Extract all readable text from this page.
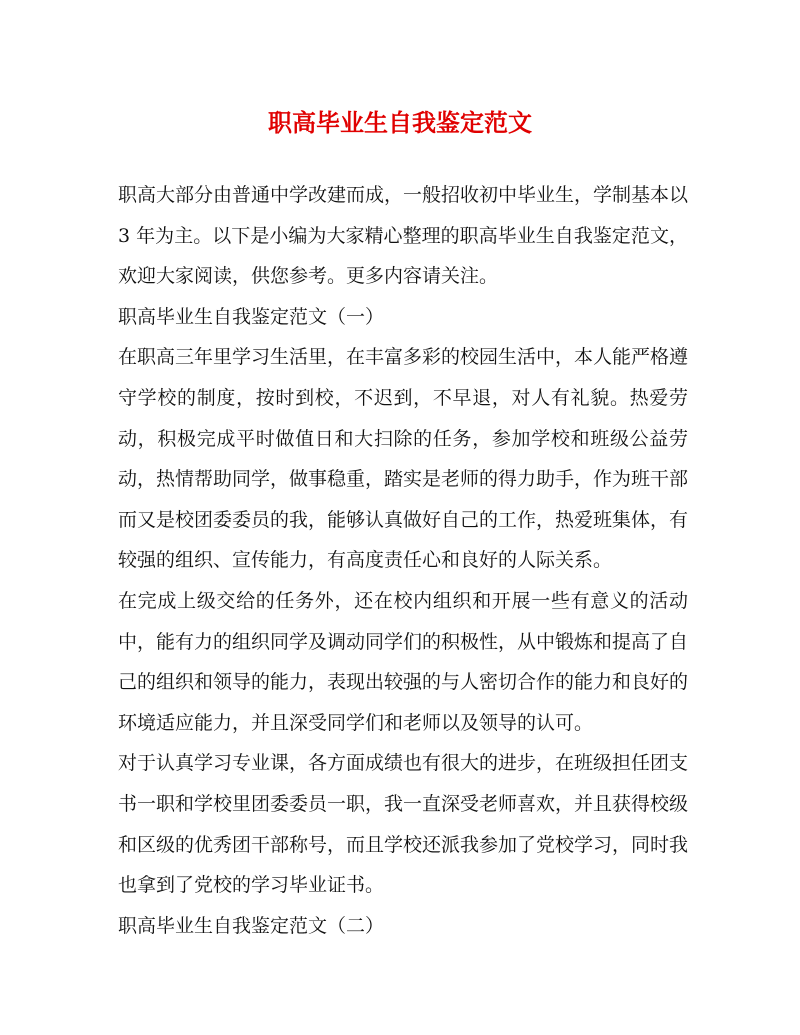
职高毕业生自我鉴定范文

职高大部分由普通中学改建而成，一般招收初中毕业生，学制基本以 3 年为主。以下是小编为大家精心整理的职高毕业生自我鉴定范文，欢迎大家阅读，供您参考。更多内容请关注。

职高毕业生自我鉴定范文（一）

在职高三年里学习生活里，在丰富多彩的校园生活中，本人能严格遵守学校的制度，按时到校，不迟到，不早退，对人有礼貌。热爱劳动，积极完成平时做值日和大扫除的任务，参加学校和班级公益劳动，热情帮助同学，做事稳重，踏实是老师的得力助手，作为班干部而又是校团委委员的我，能够认真做好自己的工作，热爱班集体，有较强的组织、宣传能力，有高度责任心和良好的人际关系。

在完成上级交给的任务外，还在校内组织和开展一些有意义的活动中，能有力的组织同学及调动同学们的积极性，从中锻炼和提高了自己的组织和领导的能力，表现出较强的与人密切合作的能力和良好的环境适应能力，并且深受同学们和老师以及领导的认可。

对于认真学习专业课，各方面成绩也有很大的进步，在班级担任团支书一职和学校里团委委员一职，我一直深受老师喜欢，并且获得校级和区级的优秀团干部称号，而且学校还派我参加了党校学习，同时我也拿到了党校的学习毕业证书。

职高毕业生自我鉴定范文（二）
